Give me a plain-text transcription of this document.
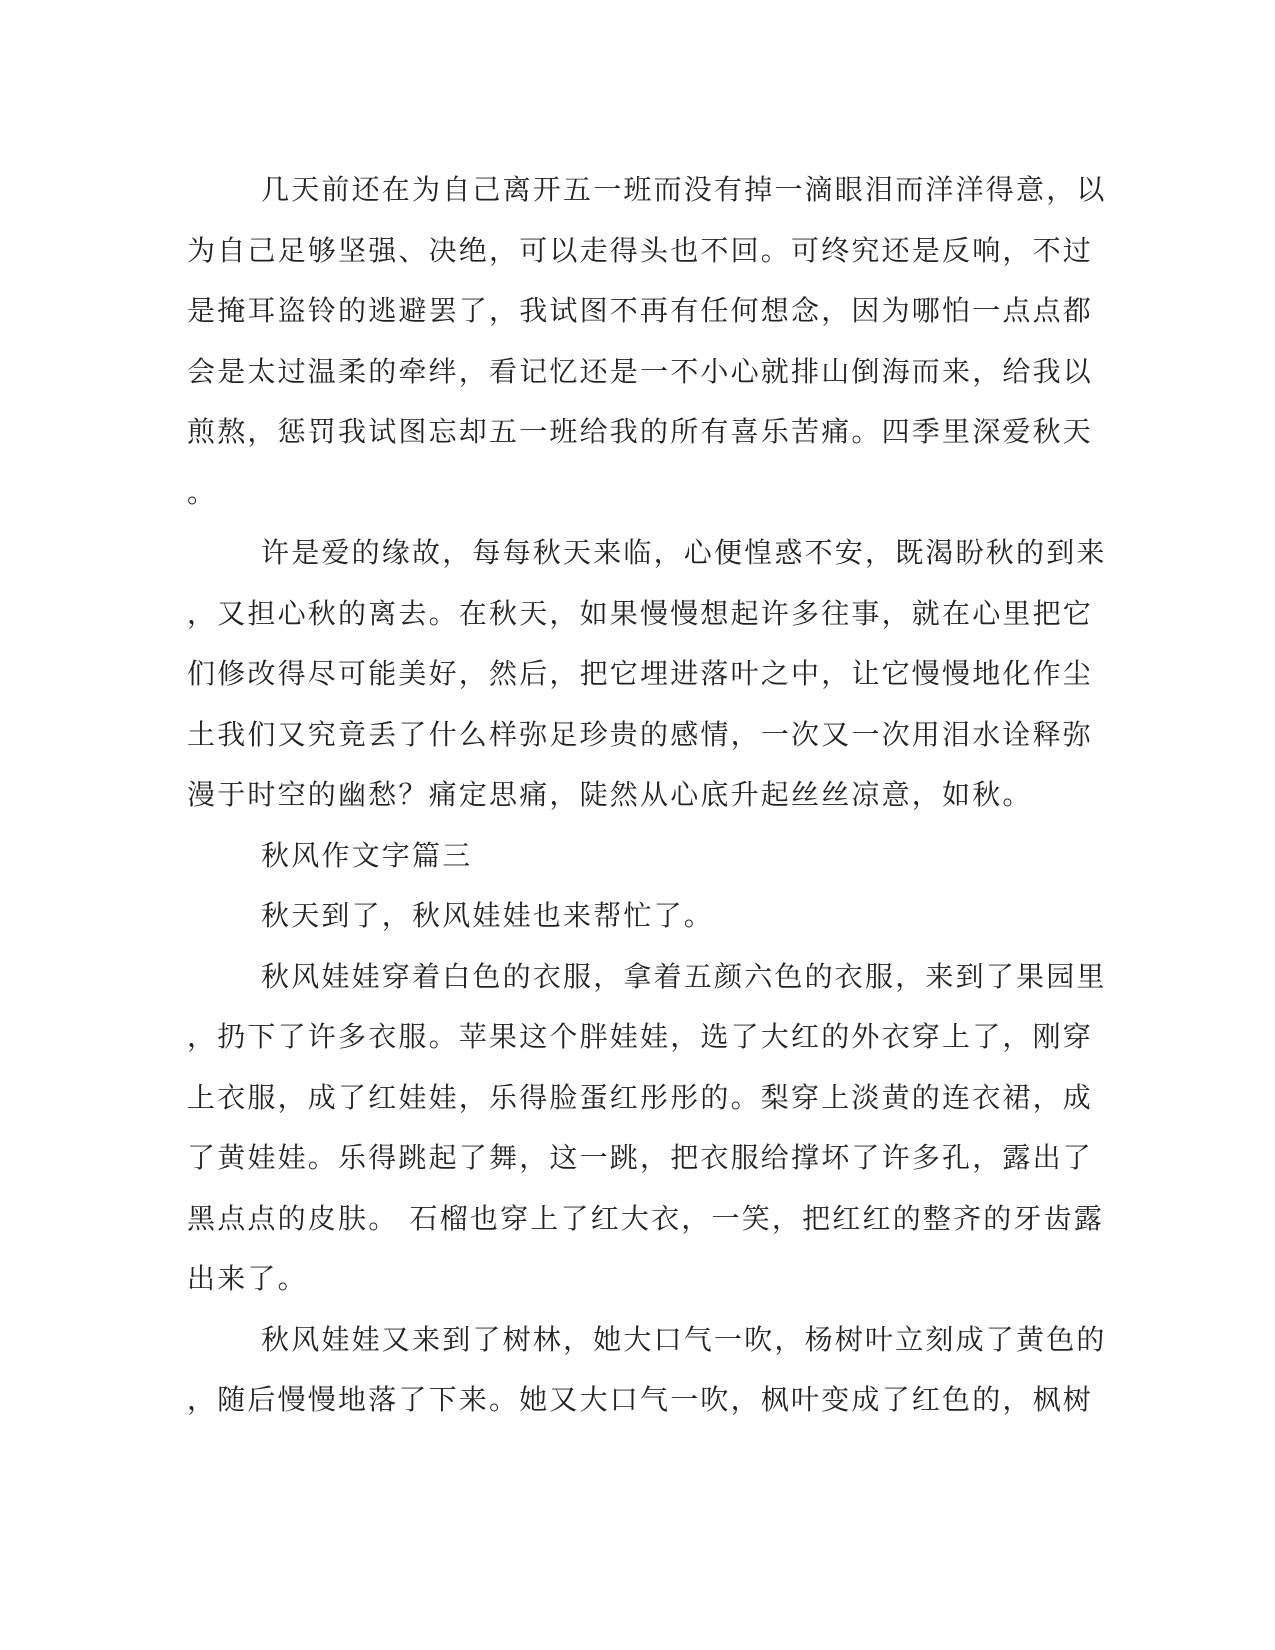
几天前还在为自己离开五一班而没有掉一滴眼泪而洋洋得意，以

为自己足够坚强、决绝，可以走得头也不回。可终究还是反响，不过

是掩耳盗铃的逃避罢了，我试图不再有任何想念，因为哪怕一点点都

会是太过温柔的牵绊，看记忆还是一不小心就排山倒海而来，给我以

煎熬，惩罚我试图忘却五一班给我的所有喜乐苦痛。四季里深爱秋天

。

许是爱的缘故，每每秋天来临，心便惶惑不安，既渴盼秋的到来

，又担心秋的离去。在秋天，如果慢慢想起许多往事，就在心里把它

们修改得尽可能美好，然后，把它埋进落叶之中，让它慢慢地化作尘

土我们又究竟丢了什么样弥足珍贵的感情，一次又一次用泪水诠释弥

漫于时空的幽愁？痛定思痛，陡然从心底升起丝丝凉意，如秋。

秋风作文字篇三

秋天到了，秋风娃娃也来帮忙了。

秋风娃娃穿着白色的衣服，拿着五颜六色的衣服，来到了果园里

，扔下了许多衣服。苹果这个胖娃娃，选了大红的外衣穿上了，刚穿

上衣服，成了红娃娃，乐得脸蛋红彤彤的。梨穿上淡黄的连衣裙，成

了黄娃娃。乐得跳起了舞，这一跳，把衣服给撑坏了许多孔，露出了

黑点点的皮肤。 石榴也穿上了红大衣，一笑，把红红的整齐的牙齿露

出来了。

秋风娃娃又来到了树林，她大口气一吹，杨树叶立刻成了黄色的

，随后慢慢地落了下来。她又大口气一吹，枫叶变成了红色的，枫树
